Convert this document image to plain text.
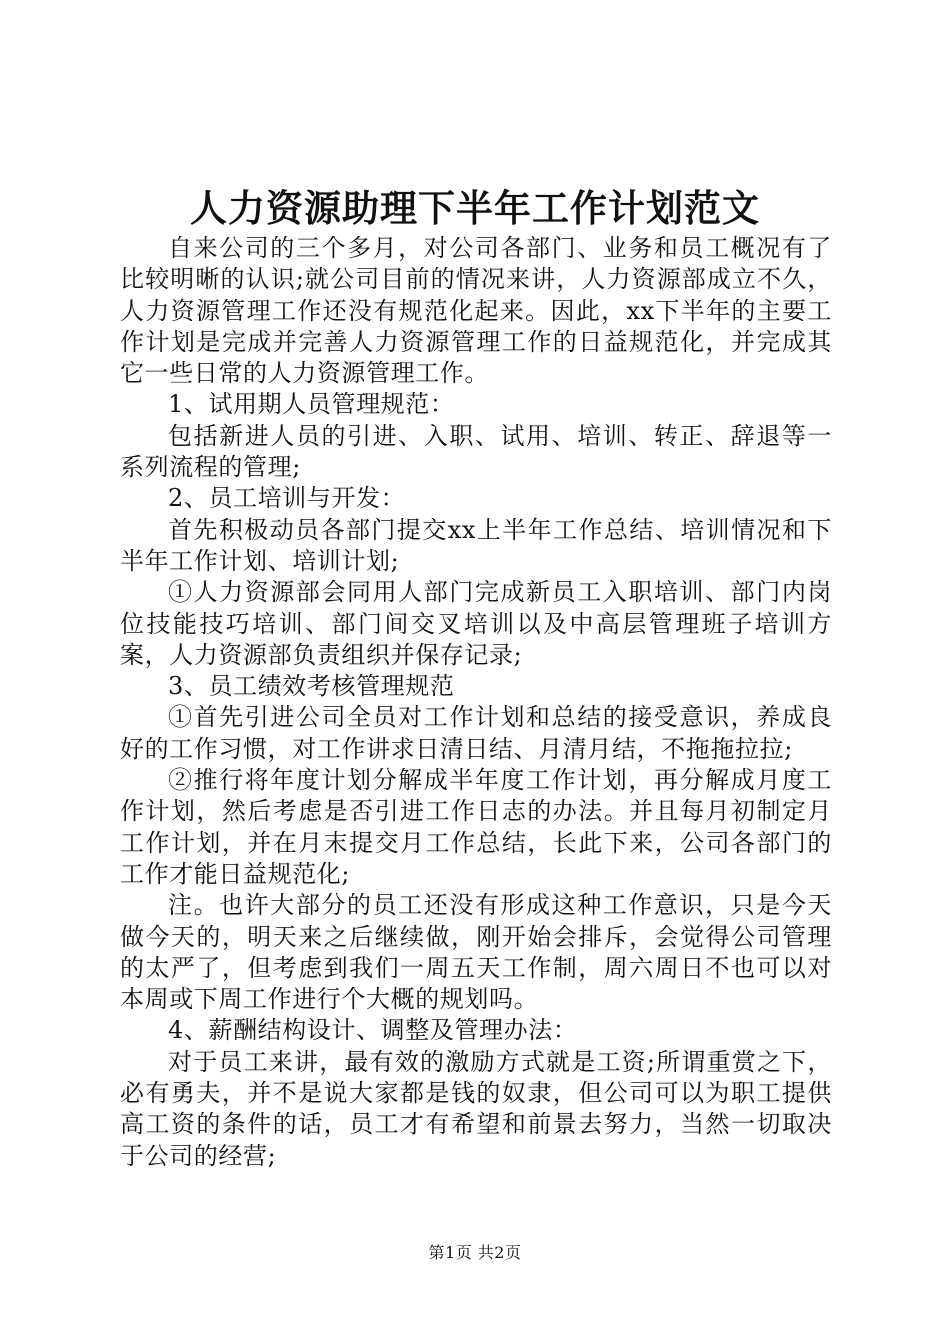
人力资源助理下半年工作计划范文

自来公司的三个多月，对公司各部门、业务和员工概况有了比较明晰的认识;就公司目前的情况来讲，人力资源部成立不久，人力资源管理工作还没有规范化起来。因此，xx下半年的主要工作计划是完成并完善人力资源管理工作的日益规范化，并完成其它一些日常的人力资源管理工作。

1、试用期人员管理规范：

包括新进人员的引进、入职、试用、培训、转正、辞退等一系列流程的管理;

2、员工培训与开发：

首先积极动员各部门提交xx上半年工作总结、培训情况和下半年工作计划、培训计划;

①人力资源部会同用人部门完成新员工入职培训、部门内岗位技能技巧培训、部门间交叉培训以及中高层管理班子培训方案，人力资源部负责组织并保存记录;

3、员工绩效考核管理规范

①首先引进公司全员对工作计划和总结的接受意识，养成良好的工作习惯，对工作讲求日清日结、月清月结，不拖拖拉拉;

②推行将年度计划分解成半年度工作计划，再分解成月度工作计划，然后考虑是否引进工作日志的办法。并且每月初制定月工作计划，并在月末提交月工作总结，长此下来，公司各部门的工作才能日益规范化;

注。也许大部分的员工还没有形成这种工作意识，只是今天做今天的，明天来之后继续做，刚开始会排斥，会觉得公司管理的太严了，但考虑到我们一周五天工作制，周六周日不也可以对本周或下周工作进行个大概的规划吗。

4、薪酬结构设计、调整及管理办法：

对于员工来讲，最有效的激励方式就是工资;所谓重赏之下，必有勇夫，并不是说大家都是钱的奴隶，但公司可以为职工提供高工资的条件的话，员工才有希望和前景去努力，当然一切取决于公司的经营;

第1页 共2页
